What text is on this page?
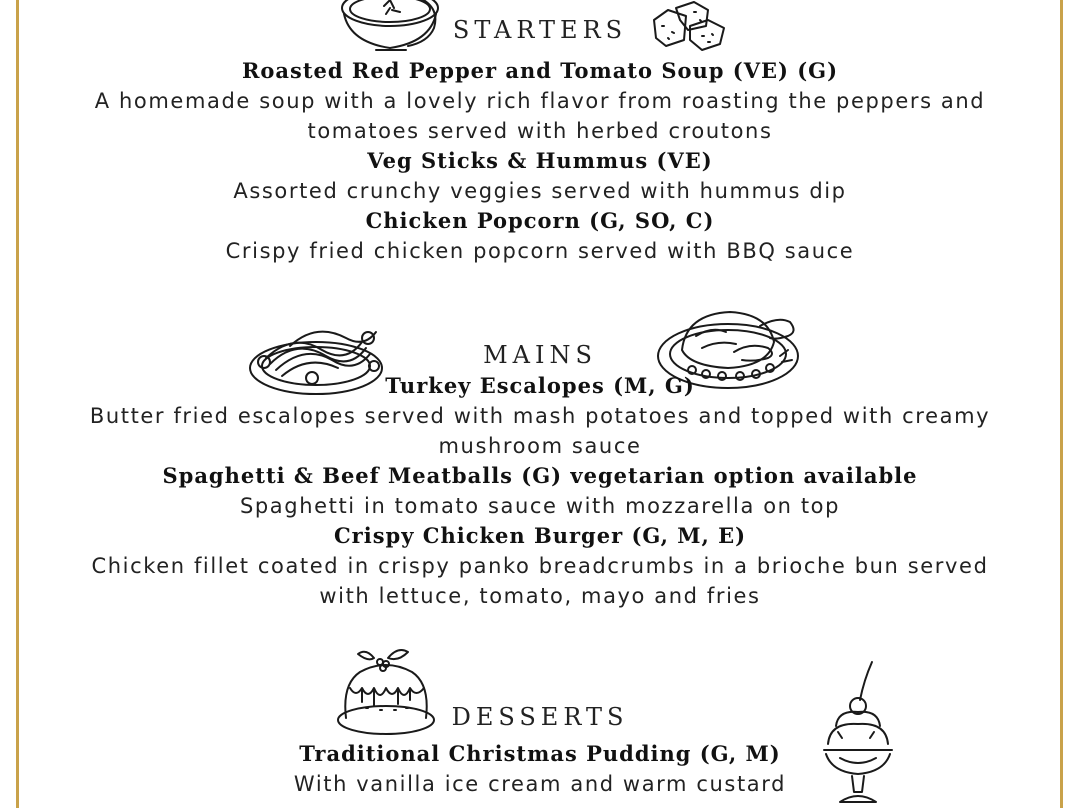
STARTERS
Roasted Red Pepper and Tomato Soup (VE) (G)
A homemade soup with a lovely rich flavor from roasting the peppers and
tomatoes served with herbed croutons
Veg Sticks & Hummus (VE)
Assorted crunchy veggies served with hummus dip
Chicken Popcorn (G, SO, C)
Crispy fried chicken popcorn served with BBQ sauce
MAINS
Turkey Escalopes (M, G)
Butter fried escalopes served with mash potatoes and topped with creamy
mushroom sauce
Spaghetti & Beef Meatballs (G) vegetarian option available
Spaghetti in tomato sauce with mozzarella on top
Crispy Chicken Burger (G, M, E)
Chicken fillet coated in crispy panko breadcrumbs in a brioche bun served
with lettuce, tomato, mayo and fries
DESSERTS
Traditional Christmas Pudding (G, M)
With vanilla ice cream and warm custard
